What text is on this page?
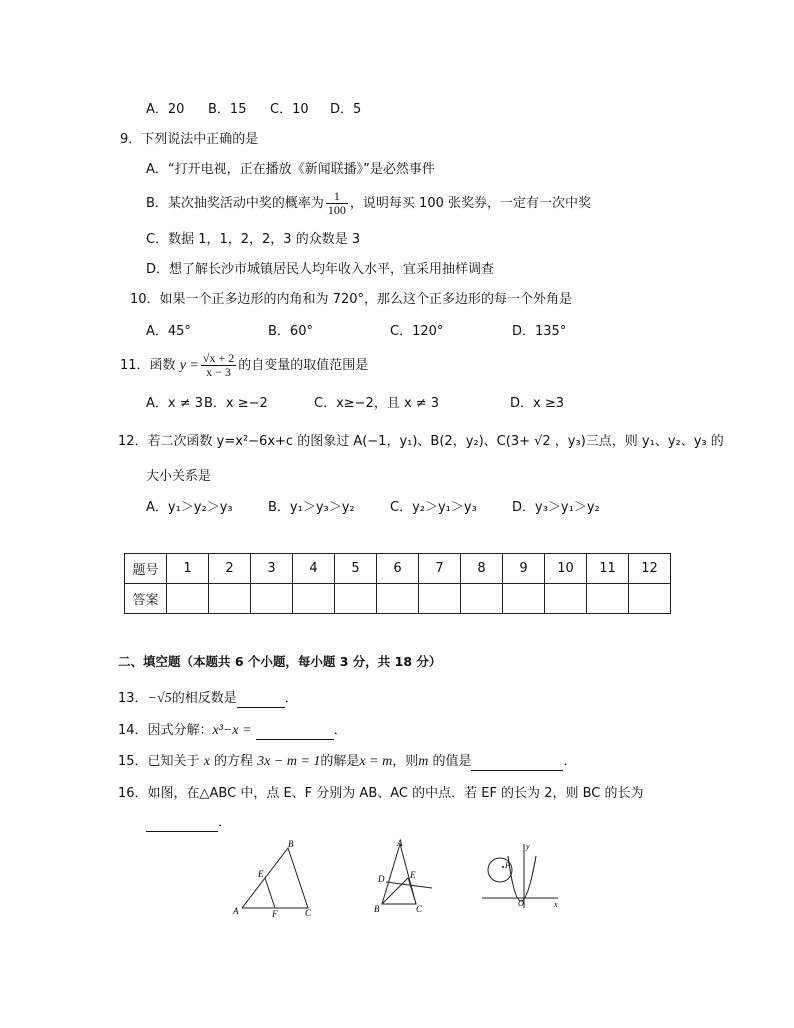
A．20 B．15 C．10 D．5
9．下列说法中正确的是
A．“打开电视，正在播放《新闻联播》”是必然事件
B．某次抽奖活动中奖的概率为 $\frac{1}{100}$ ，说明每买 100 张奖券，一定有一次中奖
C．数据 1，1，2，2，3 的众数是 3
D．想了解长沙市城镇居民人均年收入水平，宜采用抽样调查
10．如果一个正多边形的内角和为 720°，那么这个正多边形的每一个外角是
A．45°	B．60°	C．120°	D．135°
11．函数 $y = \frac{√x + 2}{x - 3}$ 的自变量的取值范围是
A．x ≠ 3B．x ≥−2	C．x≥−2，且 x ≠ 3	D．x ≥3
12．若二次函数 y=x²−6x+c 的图象过 A(−1，y₁)、B(2，y₂)、C(3+ √2 ，y₃)三点，则 y₁、y₂、y₃ 的
大小关系是
A．y₁＞y₂＞y₃	B．y₁＞y₃＞y₂	C．y₂＞y₁＞y₃	D．y₃＞y₁＞y₂
题号	1	2	3	4	5	6	7	8	9	10	11	12
答案												
二、填空题（本题共 6 个小题，每小题 3 分，共 18 分）
13．−√5的相反数是	．
14．因式分解：x³−x =	．
15．已知关于 x 的方程 3x − m = 1的解是x = m，则m 的值是	．
16．如图，在△ABC 中，点 E、F 分别为 AB、AC 的中点．若 EF 的长为 2，则 BC 的长为
．
A
B
C
E
F
A
B	C
D	E
y
x
O
P
